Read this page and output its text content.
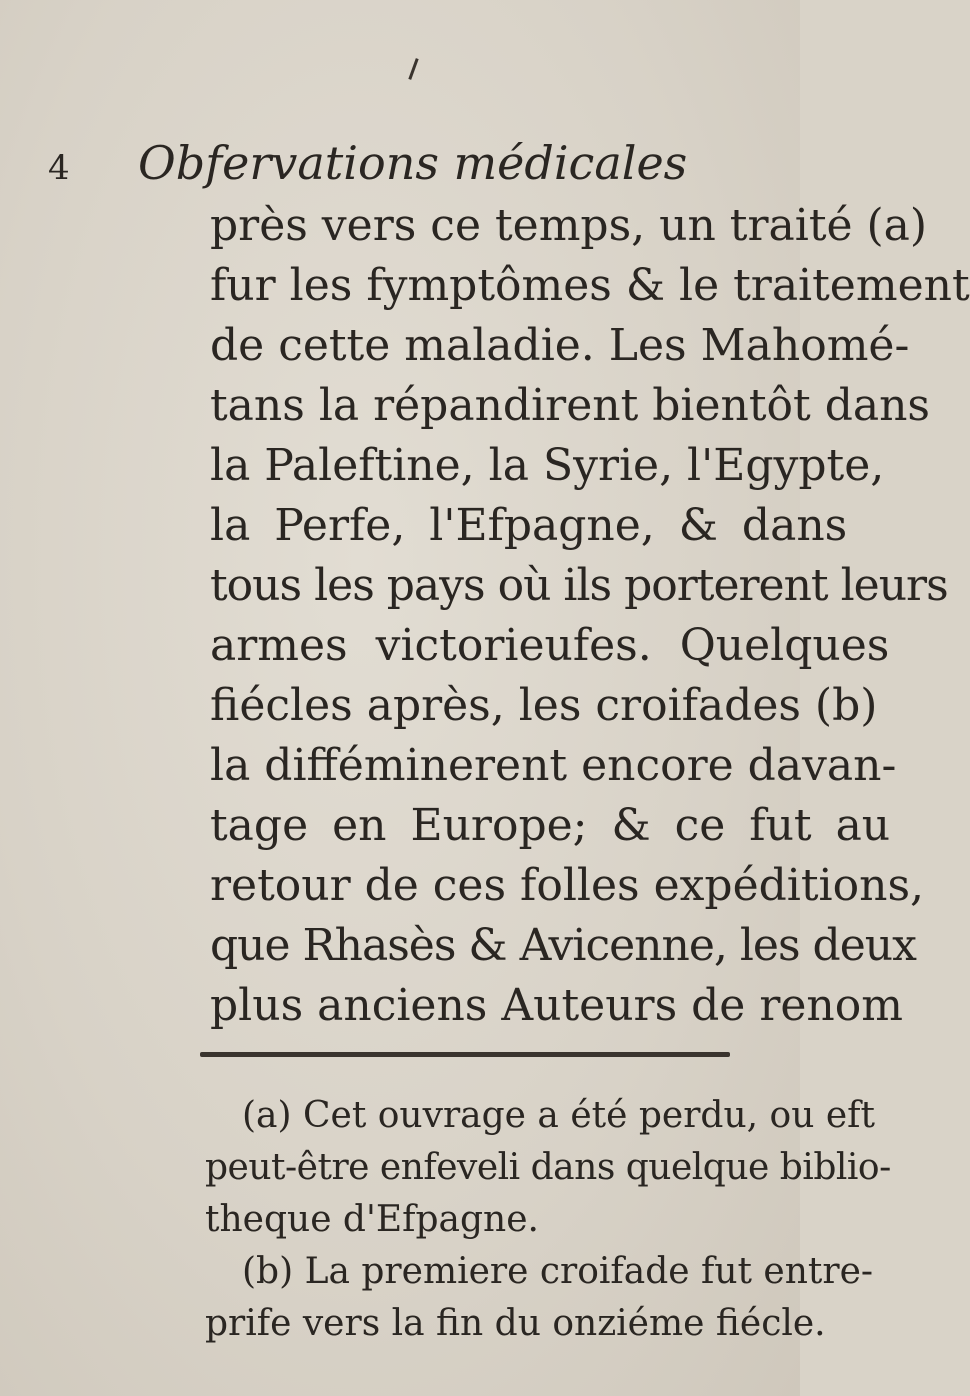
4 Obfervations médicales
près vers ce temps, un traité (a)
fur les fymptômes & le traitement
de cette maladie. Les Mahomé-
tans la répandirent bientôt dans
la Paleftine, la Syrie, l'Egypte,
la Perfe, l'Efpagne, & dans
tous les pays où ils porterent leurs
armes victorieufes. Quelques
fiécles après, les croifades (b)
la difféminerent encore davan-
tage en Europe; & ce fut au
retour de ces folles expéditions,
que Rhasès & Avicenne, les deux
plus anciens Auteurs de renom
(a) Cet ouvrage a été perdu, ou eft
peut-être enfeveli dans quelque biblio-
theque d'Efpagne.
(b) La premiere croifade fut entre-
prife vers la fin du onziéme fiécle.
